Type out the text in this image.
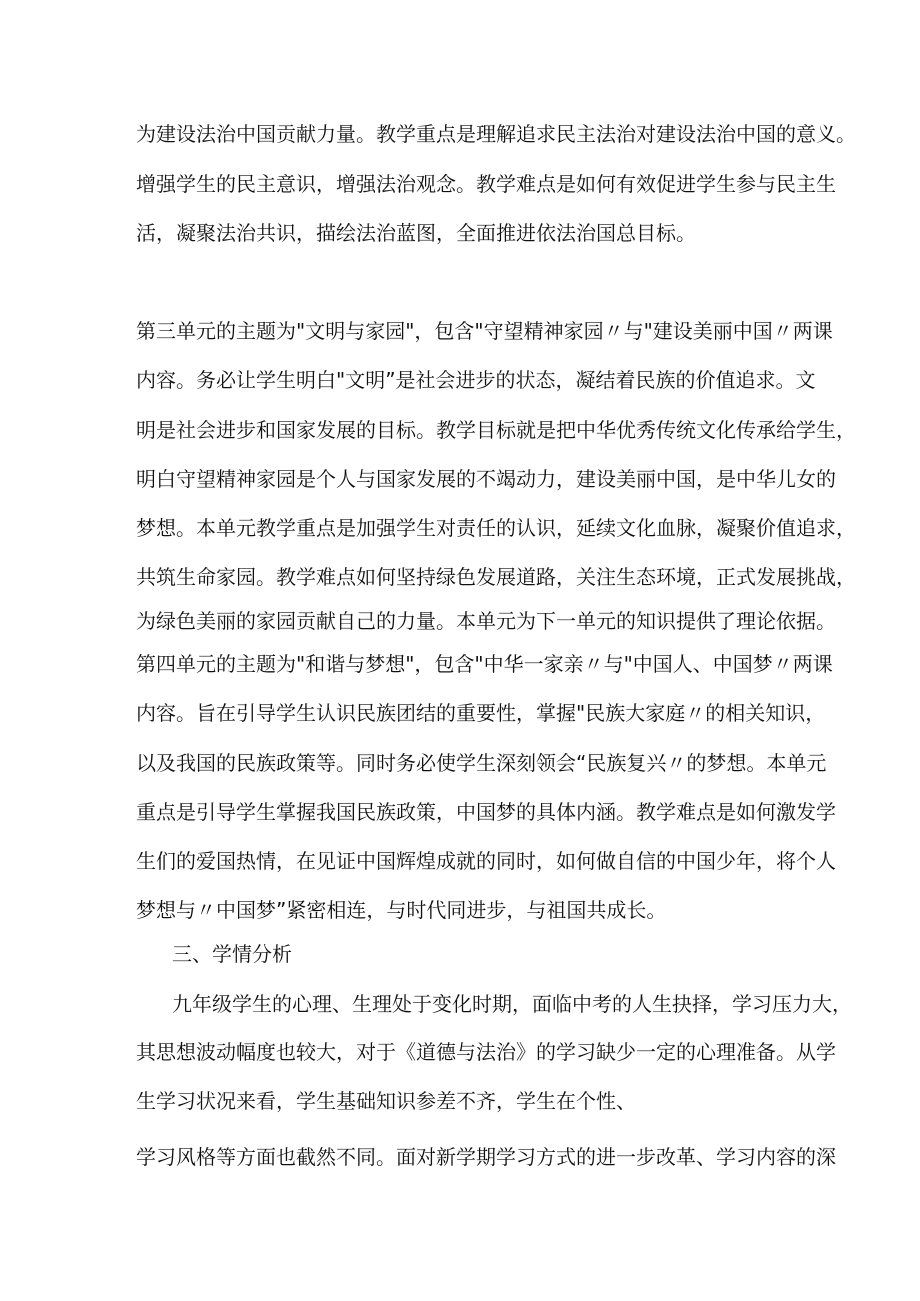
为建设法治中国贡献力量。教学重点是理解追求民主法治对建设法治中国的意义。
增强学生的民主意识，增强法治观念。教学难点是如何有效促进学生参与民主生
活，凝聚法治共识，描绘法治蓝图，全面推进依法治国总目标。
第三单元的主题为"文明与家园"，包含"守望精神家园〃与"建设美丽中国〃两课
内容。务必让学生明白"文明”是社会进步的状态，凝结着民族的价值追求。文
明是社会进步和国家发展的目标。教学目标就是把中华优秀传统文化传承给学生，
明白守望精神家园是个人与国家发展的不竭动力，建设美丽中国，是中华儿女的
梦想。本单元教学重点是加强学生对责任的认识，延续文化血脉，凝聚价值追求，
共筑生命家园。教学难点如何坚持绿色发展道路，关注生态环境，正式发展挑战，
为绿色美丽的家园贡献自己的力量。本单元为下一单元的知识提供了理论依据。
第四单元的主题为"和谐与梦想"，包含"中华一家亲〃与"中国人、中国梦〃两课
内容。旨在引导学生认识民族团结的重要性，掌握"民族大家庭〃的相关知识，
以及我国的民族政策等。同时务必使学生深刻领会“民族复兴〃的梦想。本单元
重点是引导学生掌握我国民族政策，中国梦的具体内涵。教学难点是如何激发学
生们的爱国热情，在见证中国辉煌成就的同时，如何做自信的中国少年，将个人
梦想与〃中国梦”紧密相连，与时代同进步，与祖国共成长。
三、学情分析
九年级学生的心理、生理处于变化时期，面临中考的人生抉择，学习压力大，
其思想波动幅度也较大，对于《道德与法治》的学习缺少一定的心理准备。从学
生学习状况来看，学生基础知识参差不齐，学生在个性、
学习风格等方面也截然不同。面对新学期学习方式的进一步改革、学习内容的深
